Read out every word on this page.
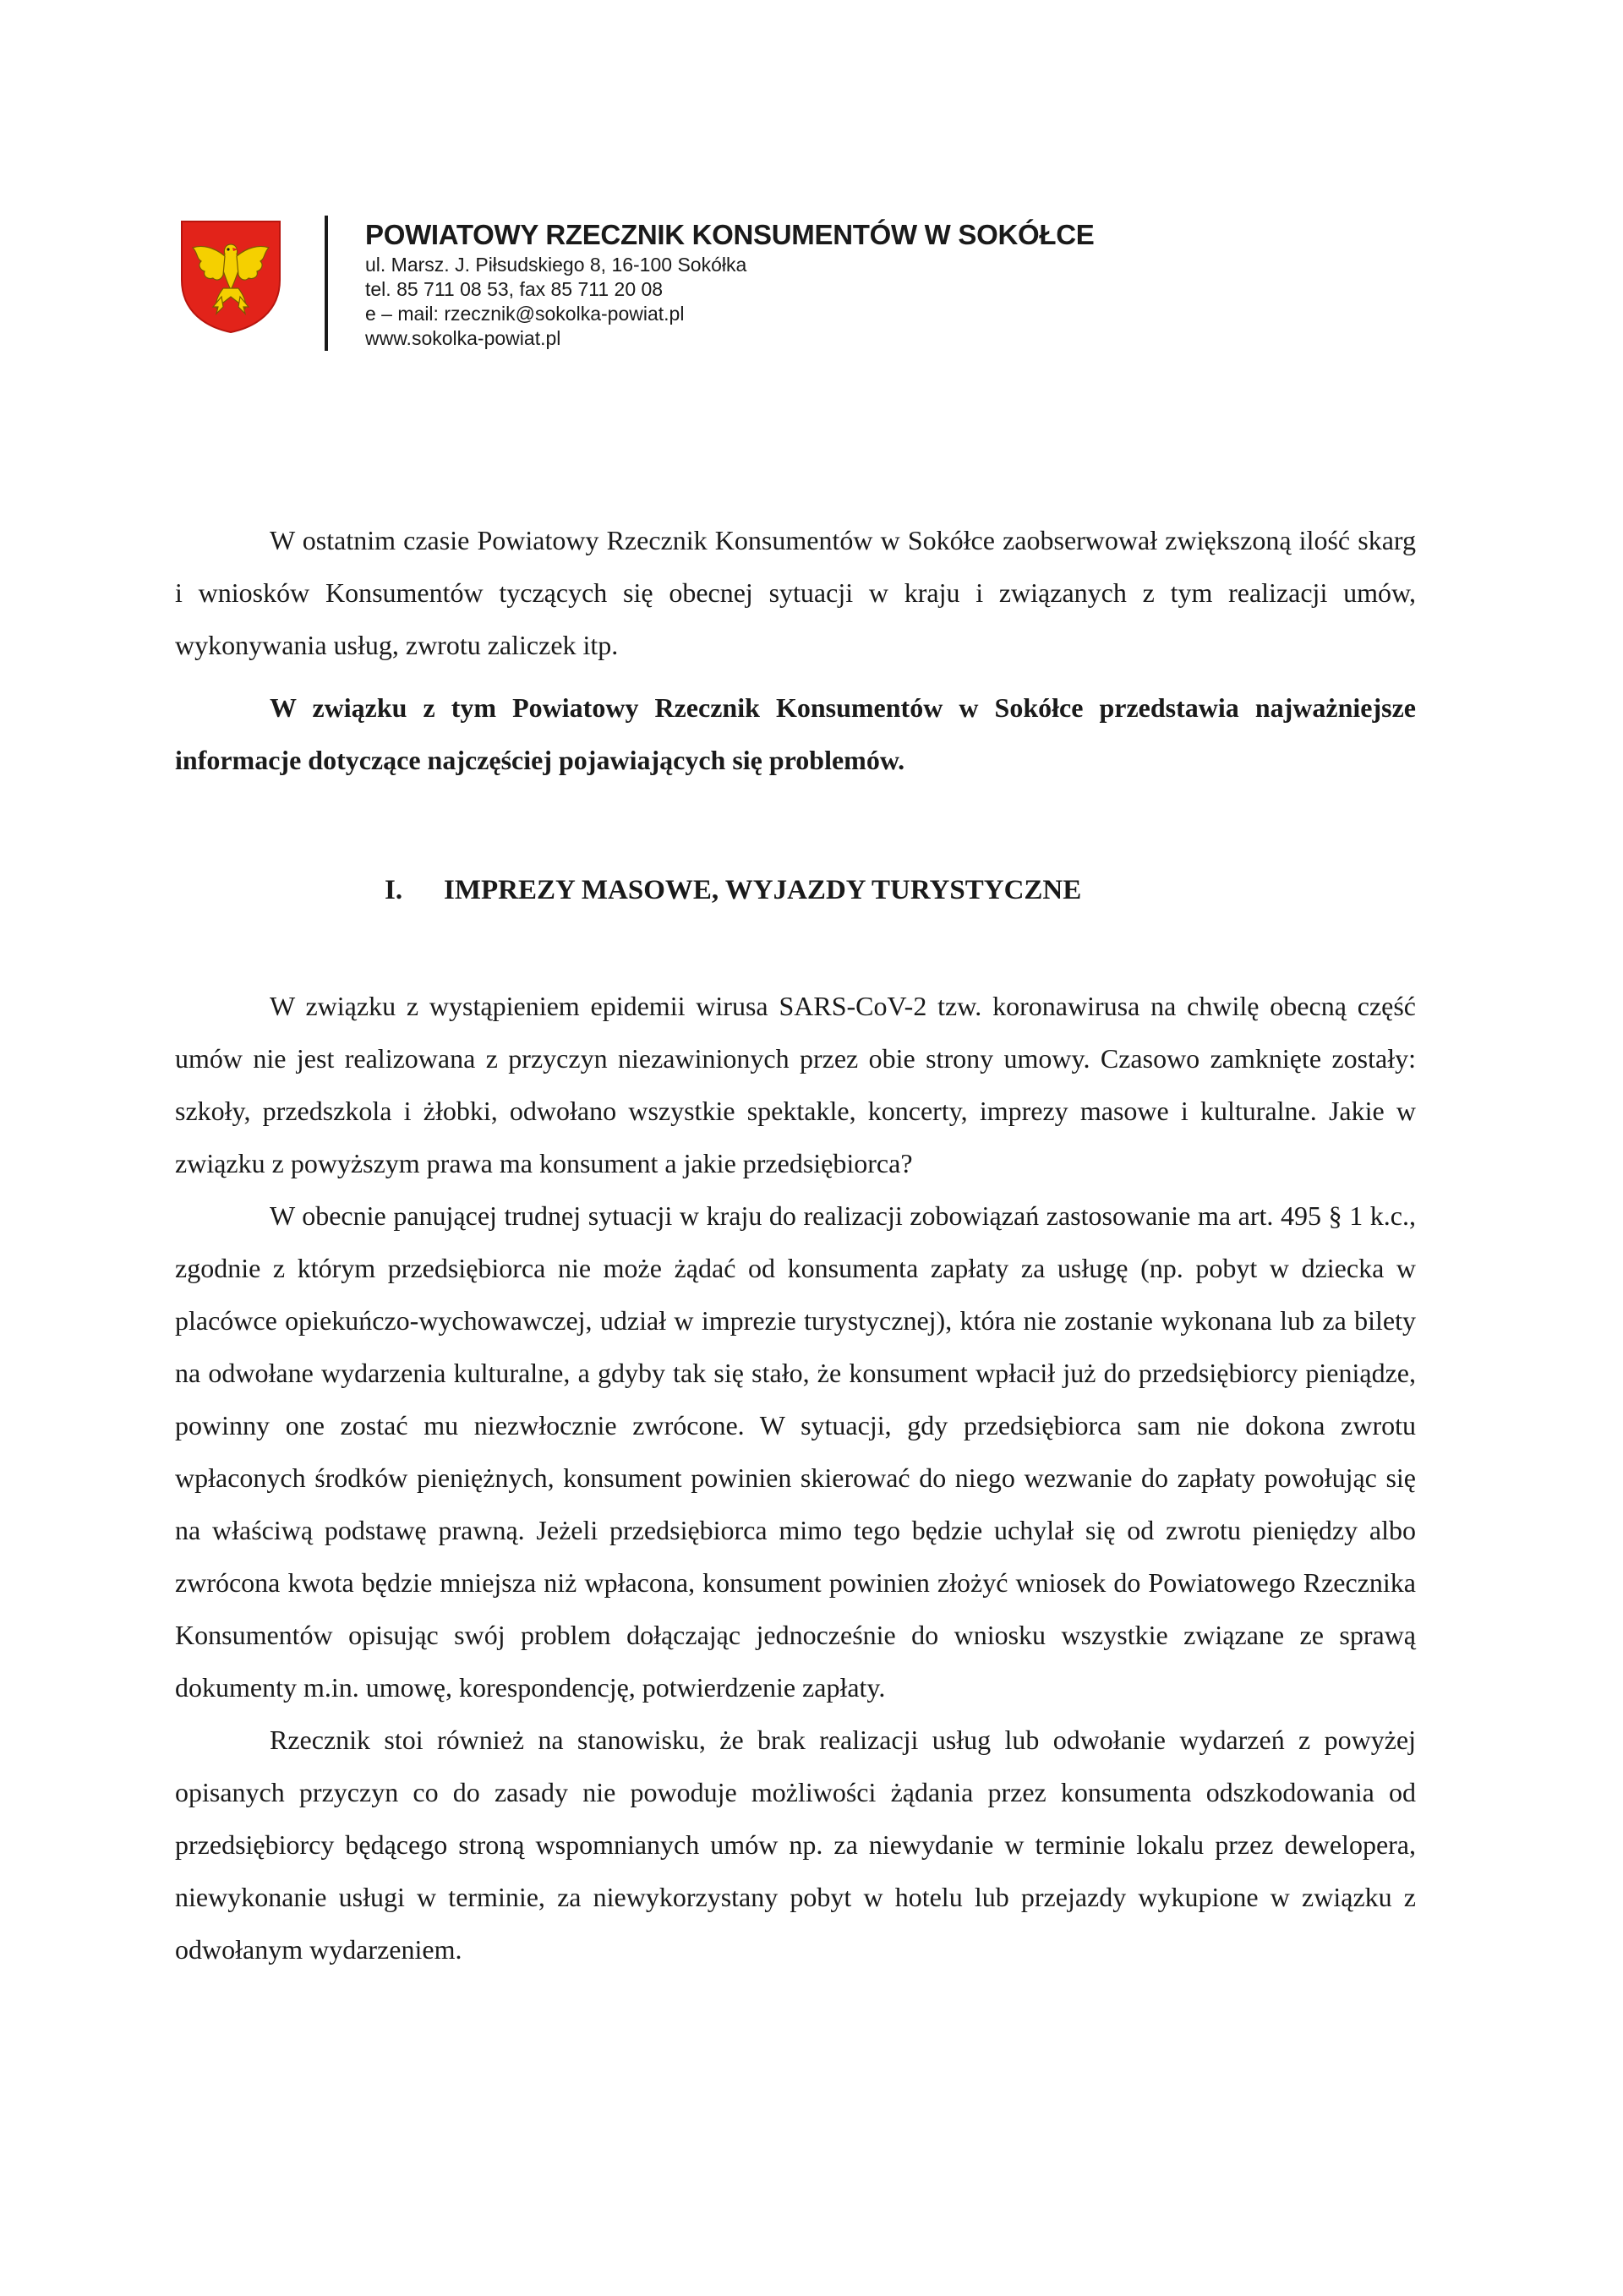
POWIATOWY RZECZNIK KONSUMENTÓW W SOKÓŁCE
ul. Marsz. J. Piłsudskiego 8, 16-100 Sokółka
tel. 85 711 08 53, fax 85 711 20 08
e – mail: rzecznik@sokolka-powiat.pl
www.sokolka-powiat.pl

W ostatnim czasie Powiatowy Rzecznik Konsumentów w Sokółce zaobserwował zwiększoną ilość skarg i wniosków Konsumentów tyczących się obecnej sytuacji w kraju i związanych z tym realizacji umów, wykonywania usług, zwrotu zaliczek itp.

W związku z tym Powiatowy Rzecznik Konsumentów w Sokółce przedstawia najważniejsze informacje dotyczące najczęściej pojawiających się problemów.

I. IMPREZY MASOWE, WYJAZDY TURYSTYCZNE

W związku z wystąpieniem epidemii wirusa SARS-CoV-2 tzw. koronawirusa na chwilę obecną część umów nie jest realizowana z przyczyn niezawinionych przez obie strony umowy. Czasowo zamknięte zostały: szkoły, przedszkola i żłobki, odwołano wszystkie spektakle, koncerty, imprezy masowe i kulturalne. Jakie w związku z powyższym prawa ma konsument a jakie przedsiębiorca?

W obecnie panującej trudnej sytuacji w kraju do realizacji zobowiązań zastosowanie ma art. 495 § 1 k.c., zgodnie z którym przedsiębiorca nie może żądać od konsumenta zapłaty za usługę (np. pobyt w dziecka w placówce opiekuńczo-wychowawczej, udział w imprezie turystycznej), która nie zostanie wykonana lub za bilety na odwołane wydarzenia kulturalne, a gdyby tak się stało, że konsument wpłacił już do przedsiębiorcy pieniądze, powinny one zostać mu niezwłocznie zwrócone. W sytuacji, gdy przedsiębiorca sam nie dokona zwrotu wpłaconych środków pieniężnych, konsument powinien skierować do niego wezwanie do zapłaty powołując się na właściwą podstawę prawną. Jeżeli przedsiębiorca mimo tego będzie uchylał się od zwrotu pieniędzy albo zwrócona kwota będzie mniejsza niż wpłacona, konsument powinien złożyć wniosek do Powiatowego Rzecznika Konsumentów opisując swój problem dołączając jednocześnie do wniosku wszystkie związane ze sprawą dokumenty m.in. umowę, korespondencję, potwierdzenie zapłaty.

Rzecznik stoi również na stanowisku, że brak realizacji usług lub odwołanie wydarzeń z powyżej opisanych przyczyn co do zasady nie powoduje możliwości żądania przez konsumenta odszkodowania od przedsiębiorcy będącego stroną wspomnianych umów np. za niewydanie w terminie lokalu przez dewelopera, niewykonanie usługi w terminie, za niewykorzystany pobyt w hotelu lub przejazdy wykupione w związku z odwołanym wydarzeniem.
